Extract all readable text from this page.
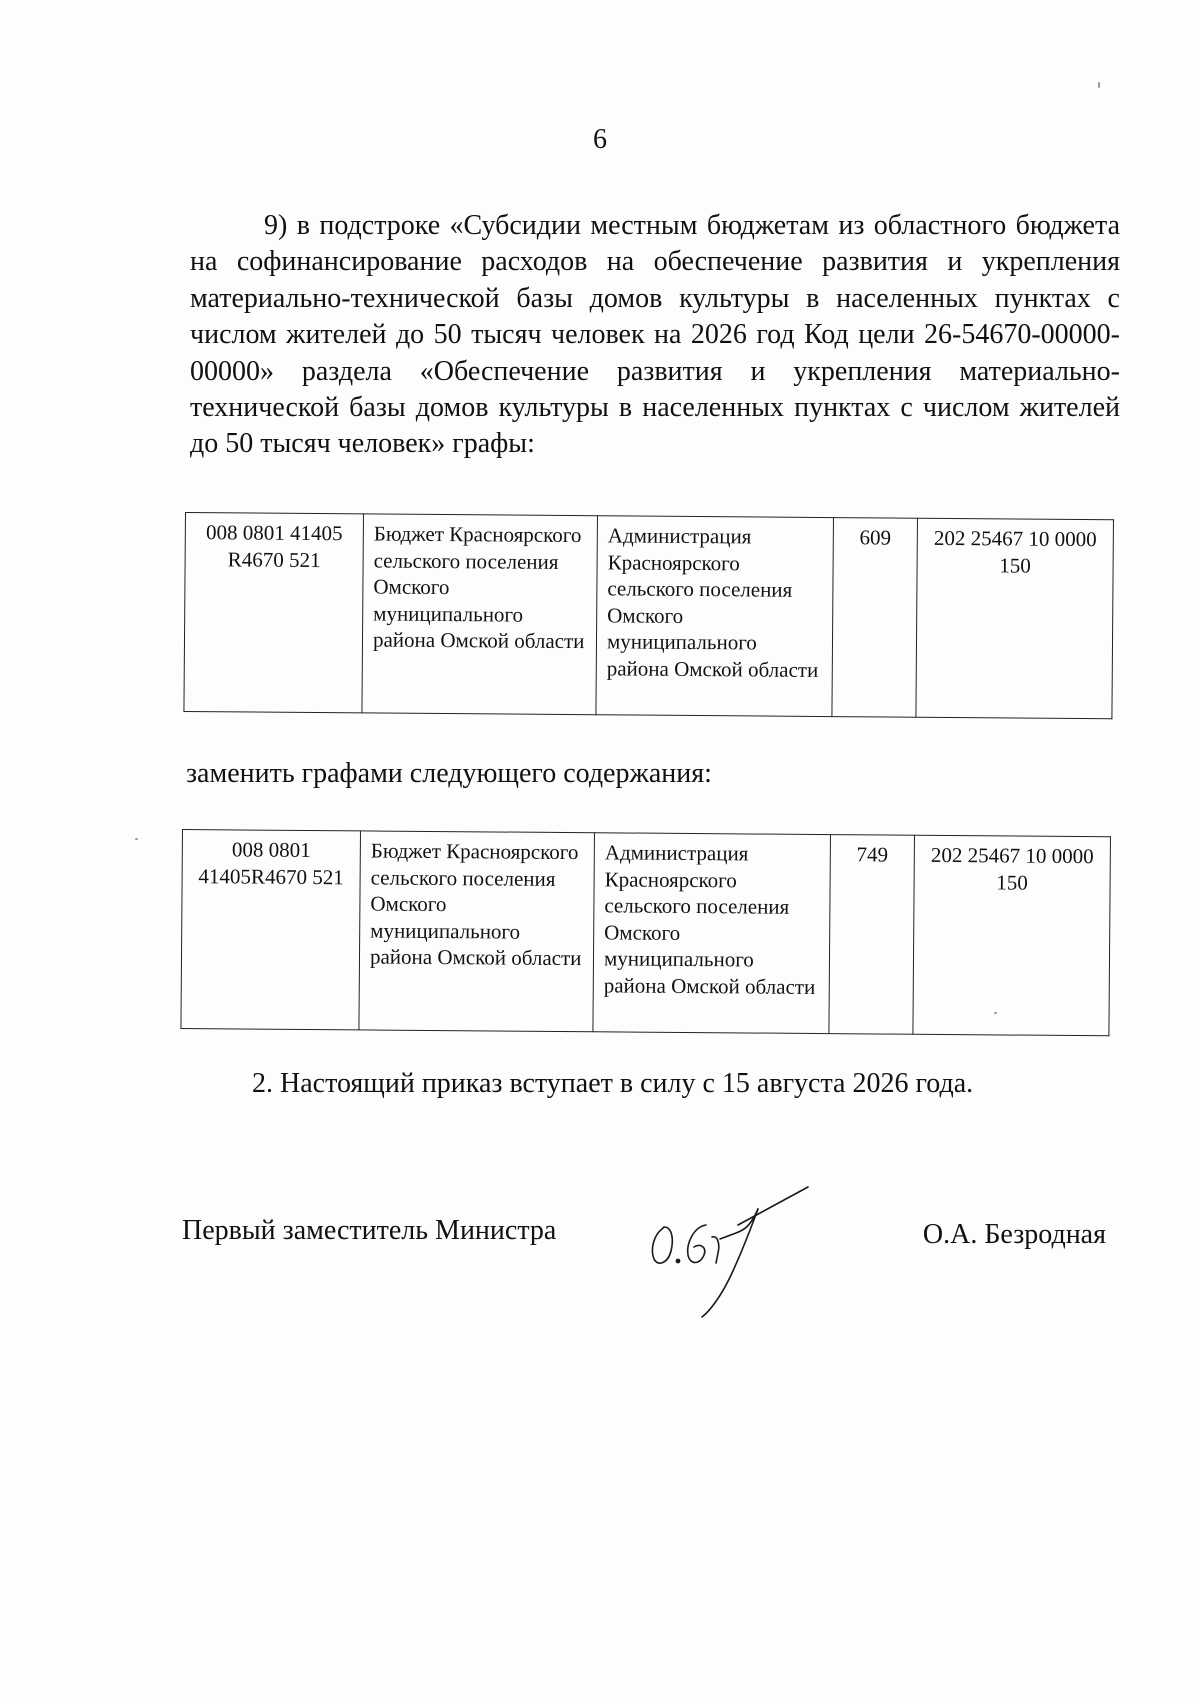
6

9) в подстроке «Субсидии местным бюджетам из областного бюджета на софинансирование расходов на обеспечение развития и укрепления материально-технической базы домов культуры в населенных пунктах с числом жителей до 50 тысяч человек на 2026 год Код цели 26-54670-00000-00000» раздела «Обеспечение развития и укрепления материально-технической базы домов культуры в населенных пунктах с числом жителей до 50 тысяч человек» графы:

008 0801 41405 R4670 521	Бюджет Красноярского сельского поселения Омского муниципального района Омской области	Администрация Красноярского сельского поселения Омского муниципального района Омской области	609	202 25467 10 0000 150

заменить графами следующего содержания:

008 0801 41405R4670 521	Бюджет Красноярского сельского поселения Омского муниципального района Омской области	Администрация Красноярского сельского поселения Омского муниципального района Омской области	749	202 25467 10 0000 150

2. Настоящий приказ вступает в силу с 15 августа 2026 года.

Первый заместитель Министра	О.А. Безродная
